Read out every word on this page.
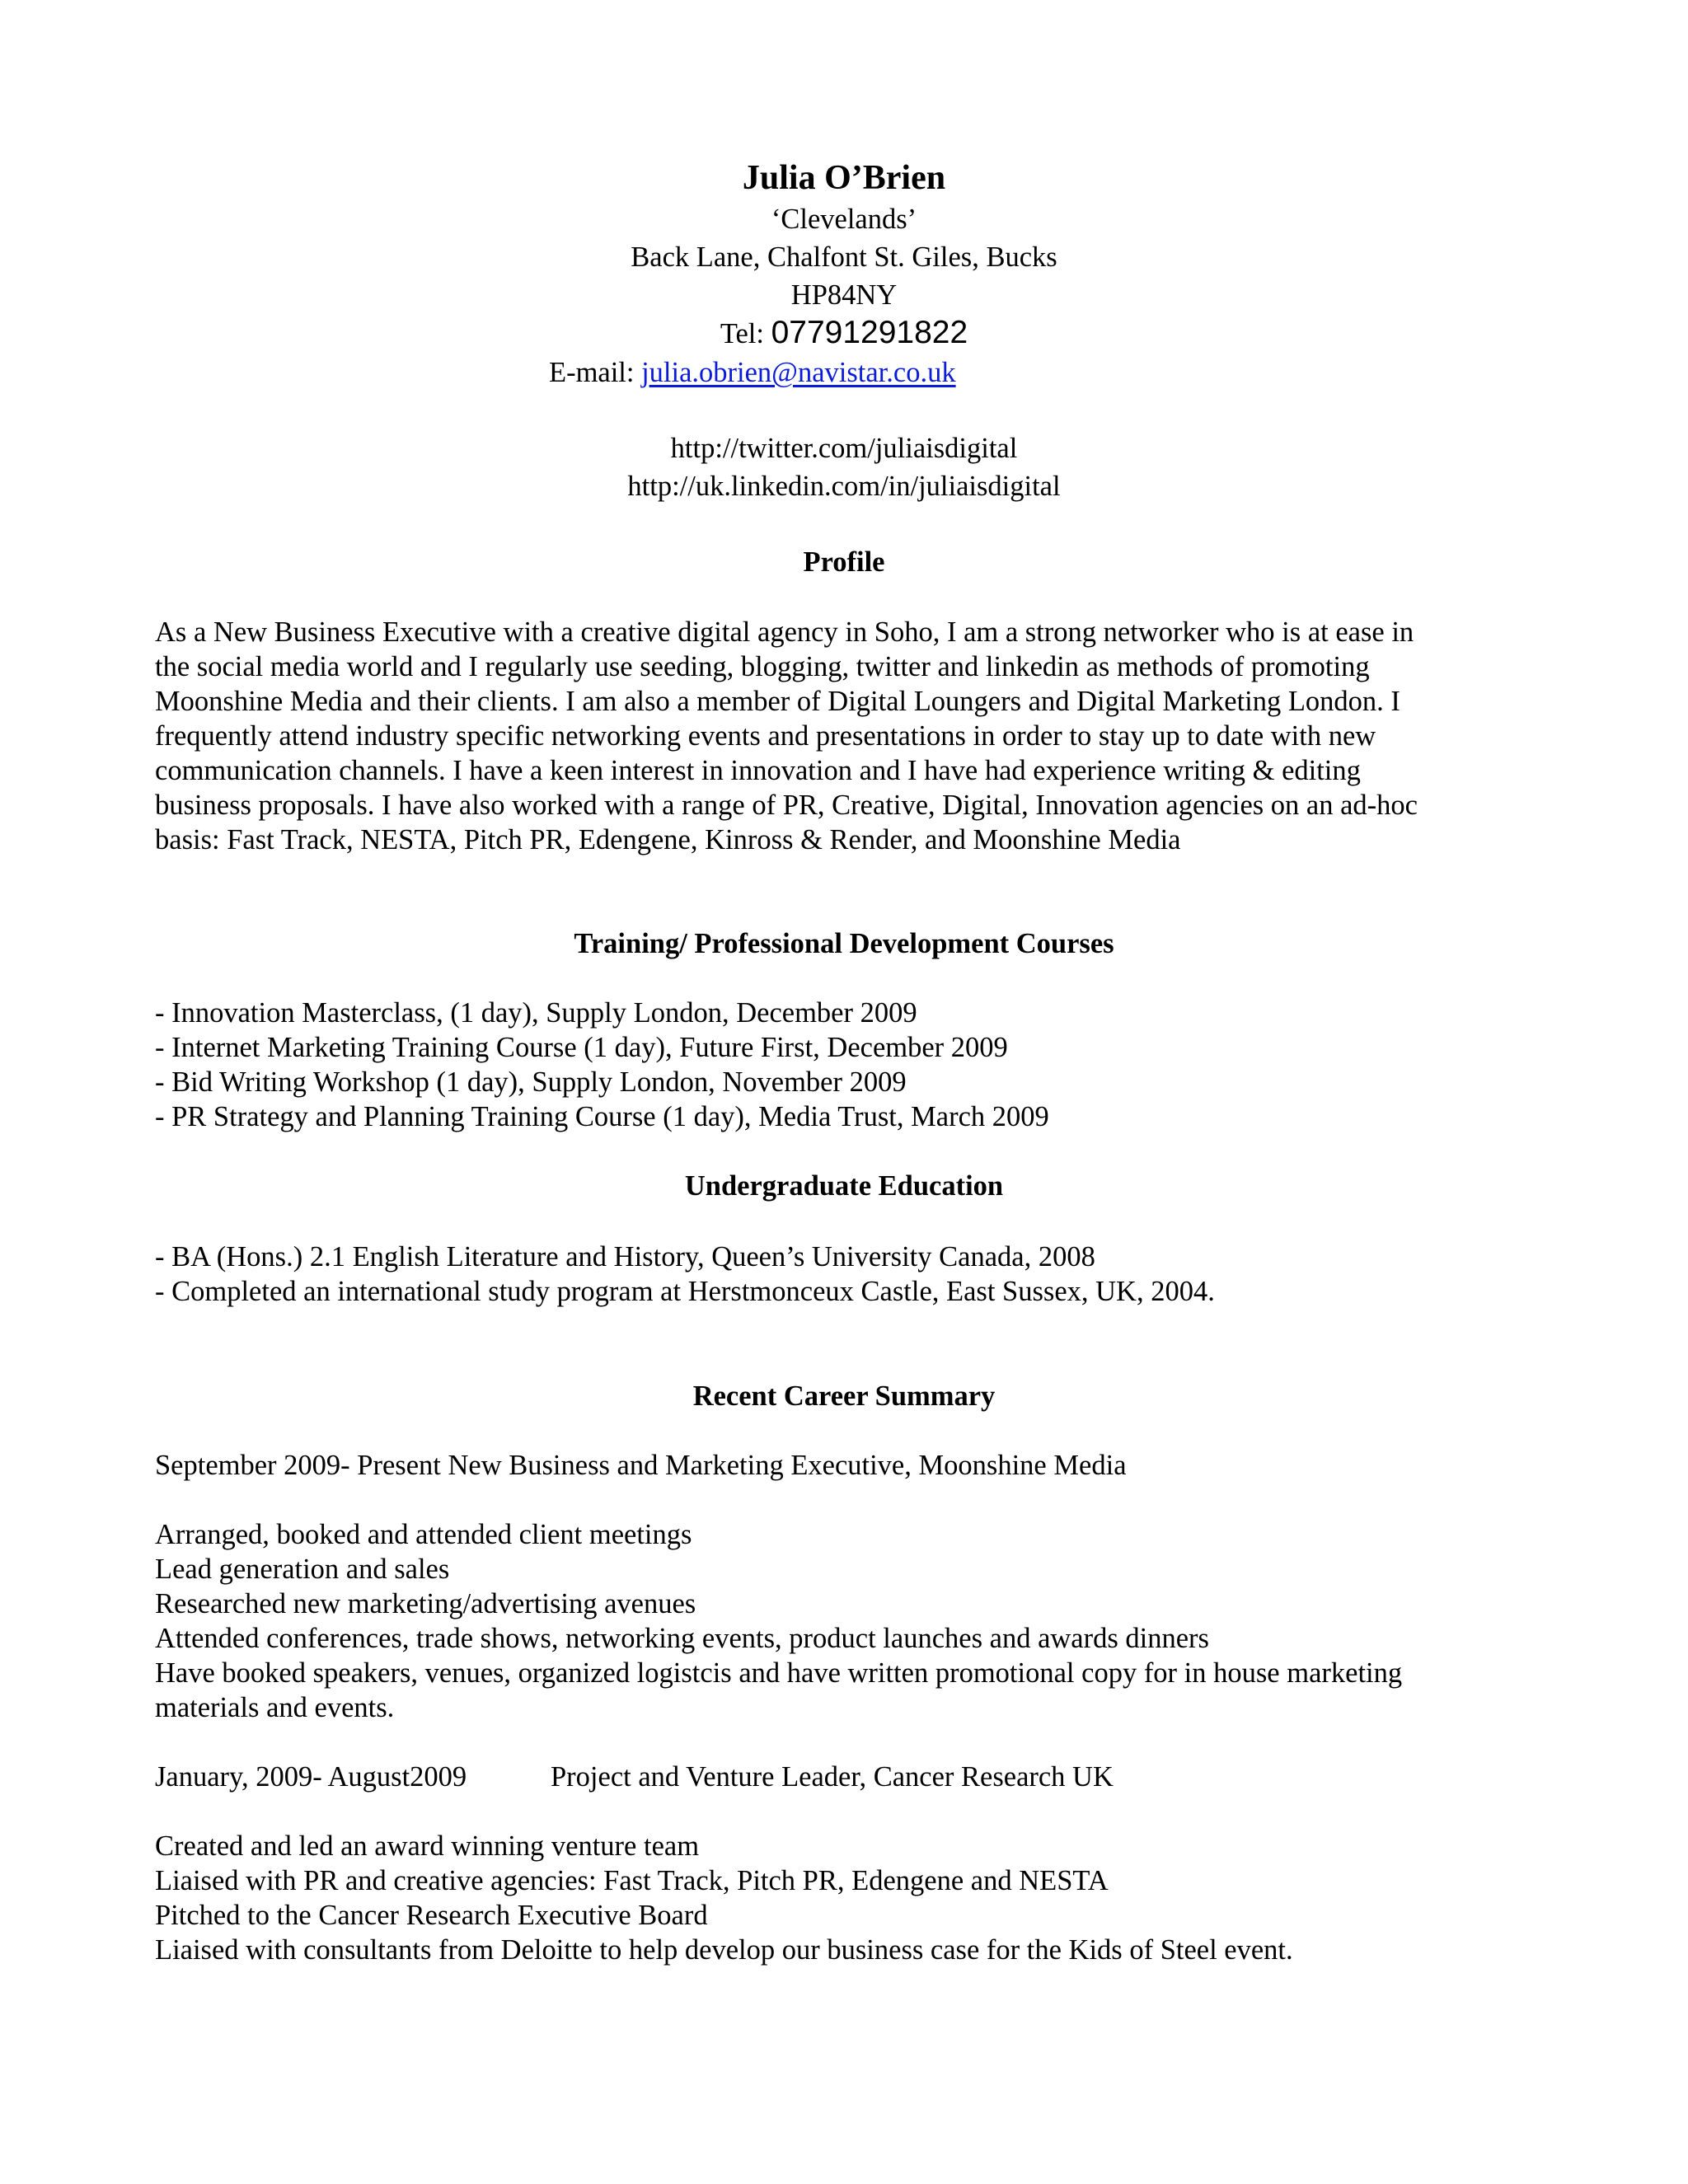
Julia O’Brien
‘Clevelands’
Back Lane, Chalfont St. Giles, Bucks
HP84NY
Tel: 07791291822
E-mail: julia.obrien@navistar.co.uk
http://twitter.com/juliaisdigital
http://uk.linkedin.com/in/juliaisdigital
Profile
As a New Business Executive with a creative digital agency in Soho, I am a strong networker who is at ease in
the social media world and I regularly use seeding, blogging, twitter and linkedin as methods of promoting
Moonshine Media and their clients. I am also a member of Digital Loungers and Digital Marketing London. I
frequently attend industry specific networking events and presentations in order to stay up to date with new
communication channels. I have a keen interest in innovation and I have had experience writing & editing
business proposals. I have also worked with a range of PR, Creative, Digital, Innovation agencies on an ad-hoc
basis: Fast Track, NESTA, Pitch PR, Edengene, Kinross & Render, and Moonshine Media
Training/ Professional Development Courses
- Innovation Masterclass, (1 day), Supply London, December 2009
- Internet Marketing Training Course (1 day), Future First, December 2009
- Bid Writing Workshop (1 day), Supply London, November 2009
- PR Strategy and Planning Training Course (1 day), Media Trust, March 2009
Undergraduate Education
- BA (Hons.) 2.1 English Literature and History, Queen’s University Canada, 2008
- Completed an international study program at Herstmonceux Castle, East Sussex, UK, 2004.
Recent Career Summary
September 2009- Present New Business and Marketing Executive, Moonshine Media
Arranged, booked and attended client meetings
Lead generation and sales
Researched new marketing/advertising avenues
Attended conferences, trade shows, networking events, product launches and awards dinners
Have booked speakers, venues, organized logistcis and have written promotional copy for in house marketing
materials and events.
January, 2009- August2009	Project and Venture Leader, Cancer Research UK
Created and led an award winning venture team
Liaised with PR and creative agencies: Fast Track, Pitch PR, Edengene and NESTA
Pitched to the Cancer Research Executive Board
Liaised with consultants from Deloitte to help develop our business case for the Kids of Steel event.
